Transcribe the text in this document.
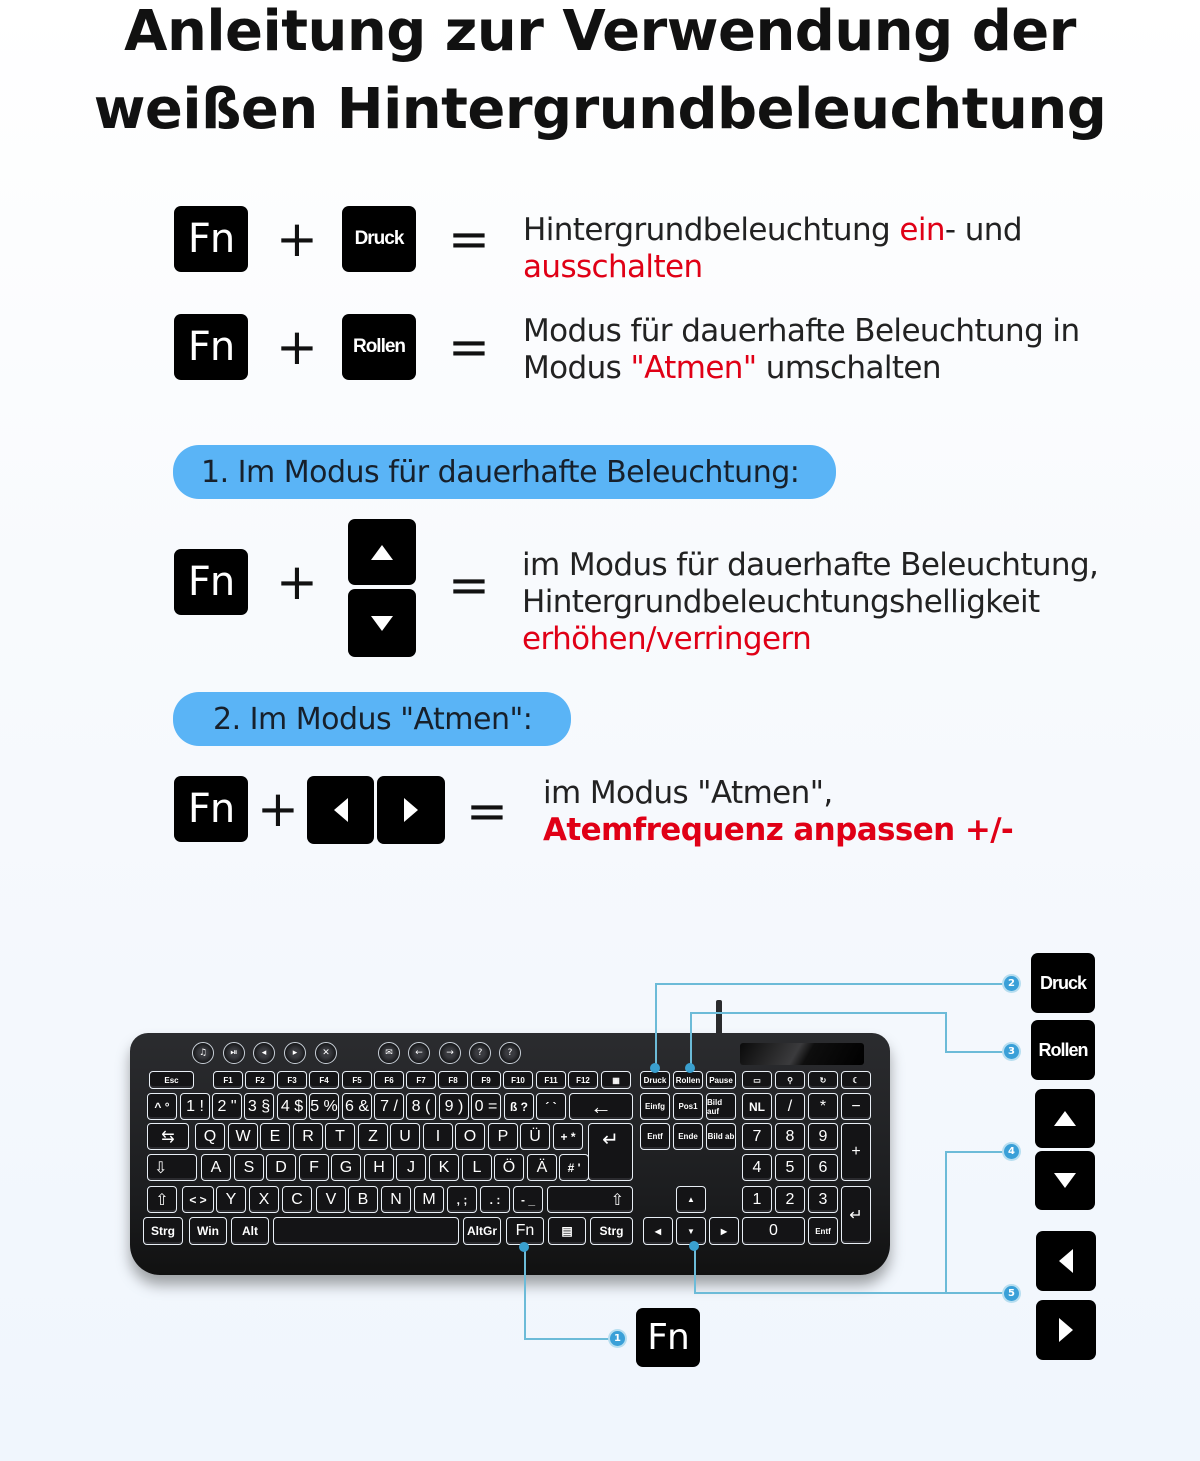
Anleitung zur Verwendung der
weißen Hintergrundbeleuchtung
Fn +	Druck = Hintergrundbeleuchtung ein- und
ausschalten
Fn +	Rollen = Modus für dauerhafte Beleuchtung in
Modus "Atmen" umschalten
1. Im Modus für dauerhafte Beleuchtung:
Fn +	= im Modus für dauerhafte Beleuchtung,
Hintergrundbeleuchtungshelligkeit
erhöhen/verringern
2. Im Modus "Atmen":
Fn +	= im Modus "Atmen",
Atemfrequenz anpassen +/-
♫	⏯	◂	▸	✕	✉	←	→	?	?
Esc	F1	F2	F3	F4	F5	F6	F7	F8	F9	F10	F11	F12	▦	Druck	Rollen	Pause	▭	⚲	↻	☾
^ °	1 ! 2 " 3 § 4 $ 5 % 6 & 7 / 8 ( 9 ) 0 =	ß ?	´ `	←	Einfg	Pos1	Bild auf	NL	/	*	−
⇆	Q	W	E	R	T	Z	U	I	O	P	Ü	+ *	↵	Entf	Ende	Bild ab	7	8	9
+
⇩	A	S	D	F	G	H	J	K	L	Ö	Ä	# '	4	5	6
⇧	< >	Y	X	C	V	B	N	M	, ;	. :	- _	⇧	▲	1	2	3
↵
Strg	Win	Alt	AltGr	Fn	▤	Strg	◀	▼	▶	0	Entf
2	Druck
3	Rollen
4
5
1 Fn
